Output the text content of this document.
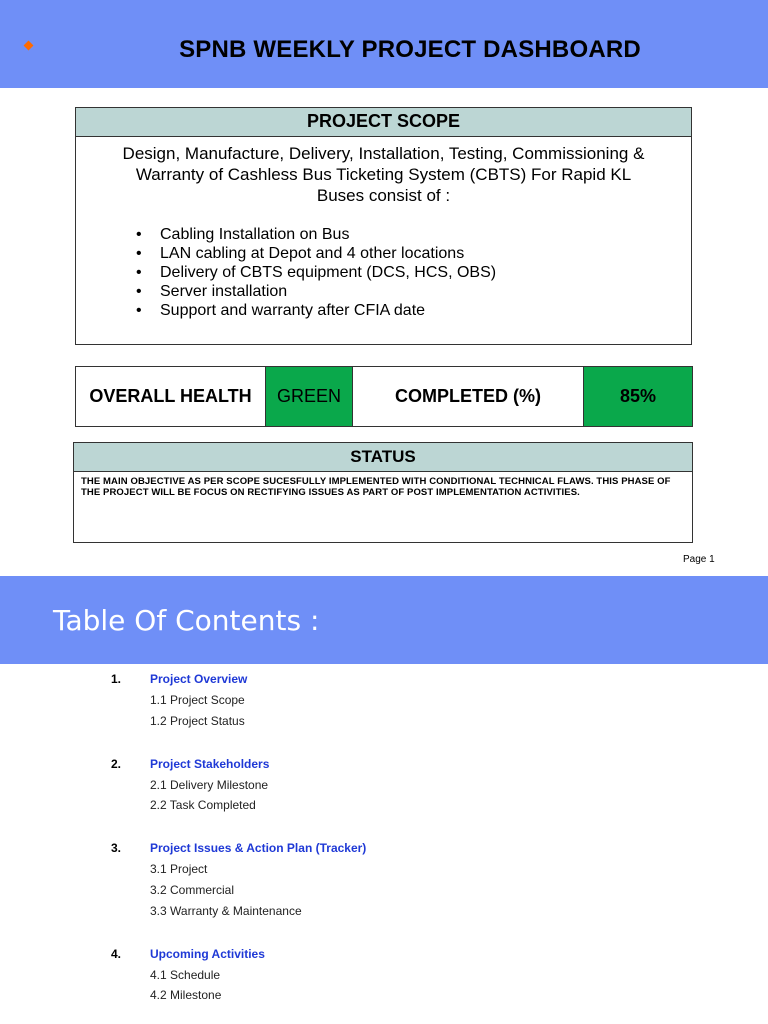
SPNB WEEKLY PROJECT DASHBOARD
PROJECT SCOPE
Design, Manufacture, Delivery, Installation, Testing, Commissioning & Warranty of Cashless Bus Ticketing System (CBTS) For Rapid KL Buses consist of :
• Cabling Installation on Bus
• LAN cabling at Depot and 4 other locations
• Delivery of CBTS equipment (DCS, HCS, OBS)
• Server installation
• Support and warranty after CFIA date
OVERALL HEALTH	GREEN	COMPLETED (%)	85%
STATUS
THE MAIN OBJECTIVE AS PER SCOPE SUCESFULLY IMPLEMENTED WITH CONDITIONAL TECHNICAL FLAWS. THIS PHASE OF THE PROJECT WILL BE FOCUS ON RECTIFYING ISSUES AS PART OF POST IMPLEMENTATION ACTIVITIES.
Page 1
Table Of Contents :
1. Project Overview
1.1 Project Scope
1.2 Project Status
2. Project Stakeholders
2.1 Delivery Milestone
2.2 Task Completed
3. Project Issues & Action Plan (Tracker)
3.1 Project
3.2 Commercial
3.3 Warranty & Maintenance
4. Upcoming Activities
4.1 Schedule
4.2 Milestone
